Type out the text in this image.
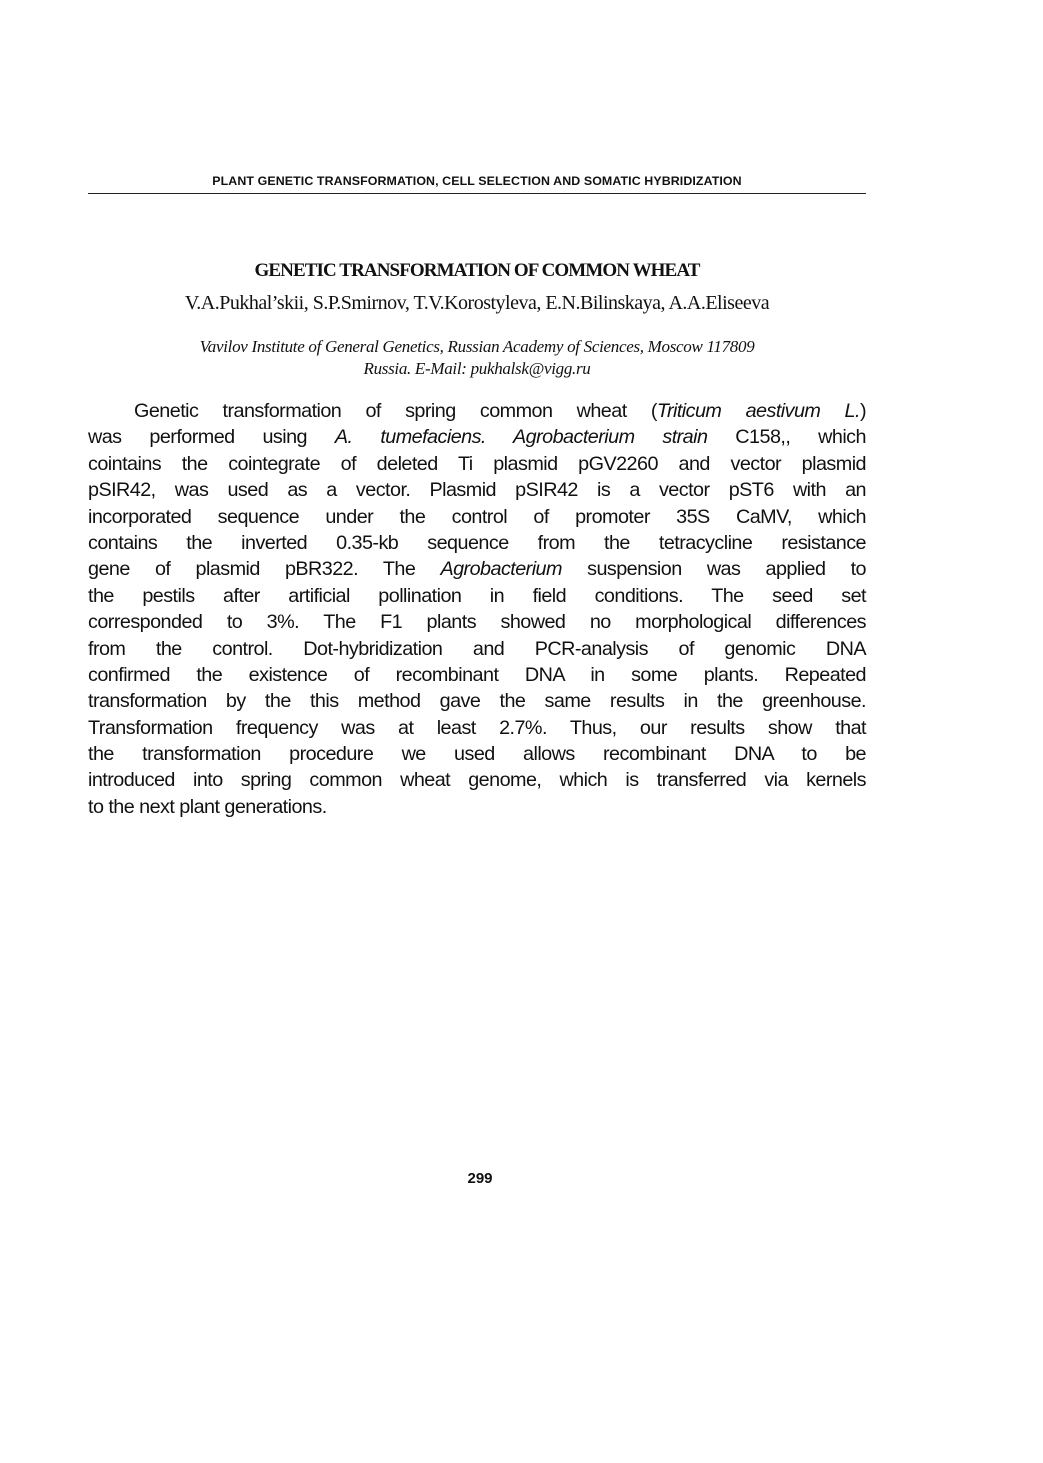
PLANT GENETIC TRANSFORMATION, CELL SELECTION AND SOMATIC HYBRIDIZATION
GENETIC TRANSFORMATION OF COMMON WHEAT
V.A.Pukhal’skii, S.P.Smirnov, T.V.Korostyleva, E.N.Bilinskaya, A.A.Eliseeva
Vavilov Institute of General Genetics, Russian Academy of Sciences, Moscow 117809
Russia. E-Mail: pukhalsk@vigg.ru
Genetic transformation of spring common wheat (Triticum aestivum L.)
was performed using A. tumefaciens. Agrobacterium strain C158,, which
cointains the cointegrate of deleted Ti plasmid pGV2260 and vector plasmid
pSIR42, was used as a vector. Plasmid pSIR42 is a vector pST6 with an
incorporated sequence under the control of promoter 35S CaMV, which
contains the inverted 0.35-kb sequence from the tetracycline resistance
gene of plasmid pBR322. The Agrobacterium suspension was applied to
the pestils after artificial pollination in field conditions. The seed set
corresponded to 3%. The F1 plants showed no morphological differences
from the control. Dot-hybridization and PCR-analysis of genomic DNA
confirmed the existence of recombinant DNA in some plants. Repeated
transformation by the this method gave the same results in the greenhouse.
Transformation frequency was at least 2.7%. Thus, our results show that
the transformation procedure we used allows recombinant DNA to be
introduced into spring common wheat genome, which is transferred via kernels
to the next plant generations.
299
